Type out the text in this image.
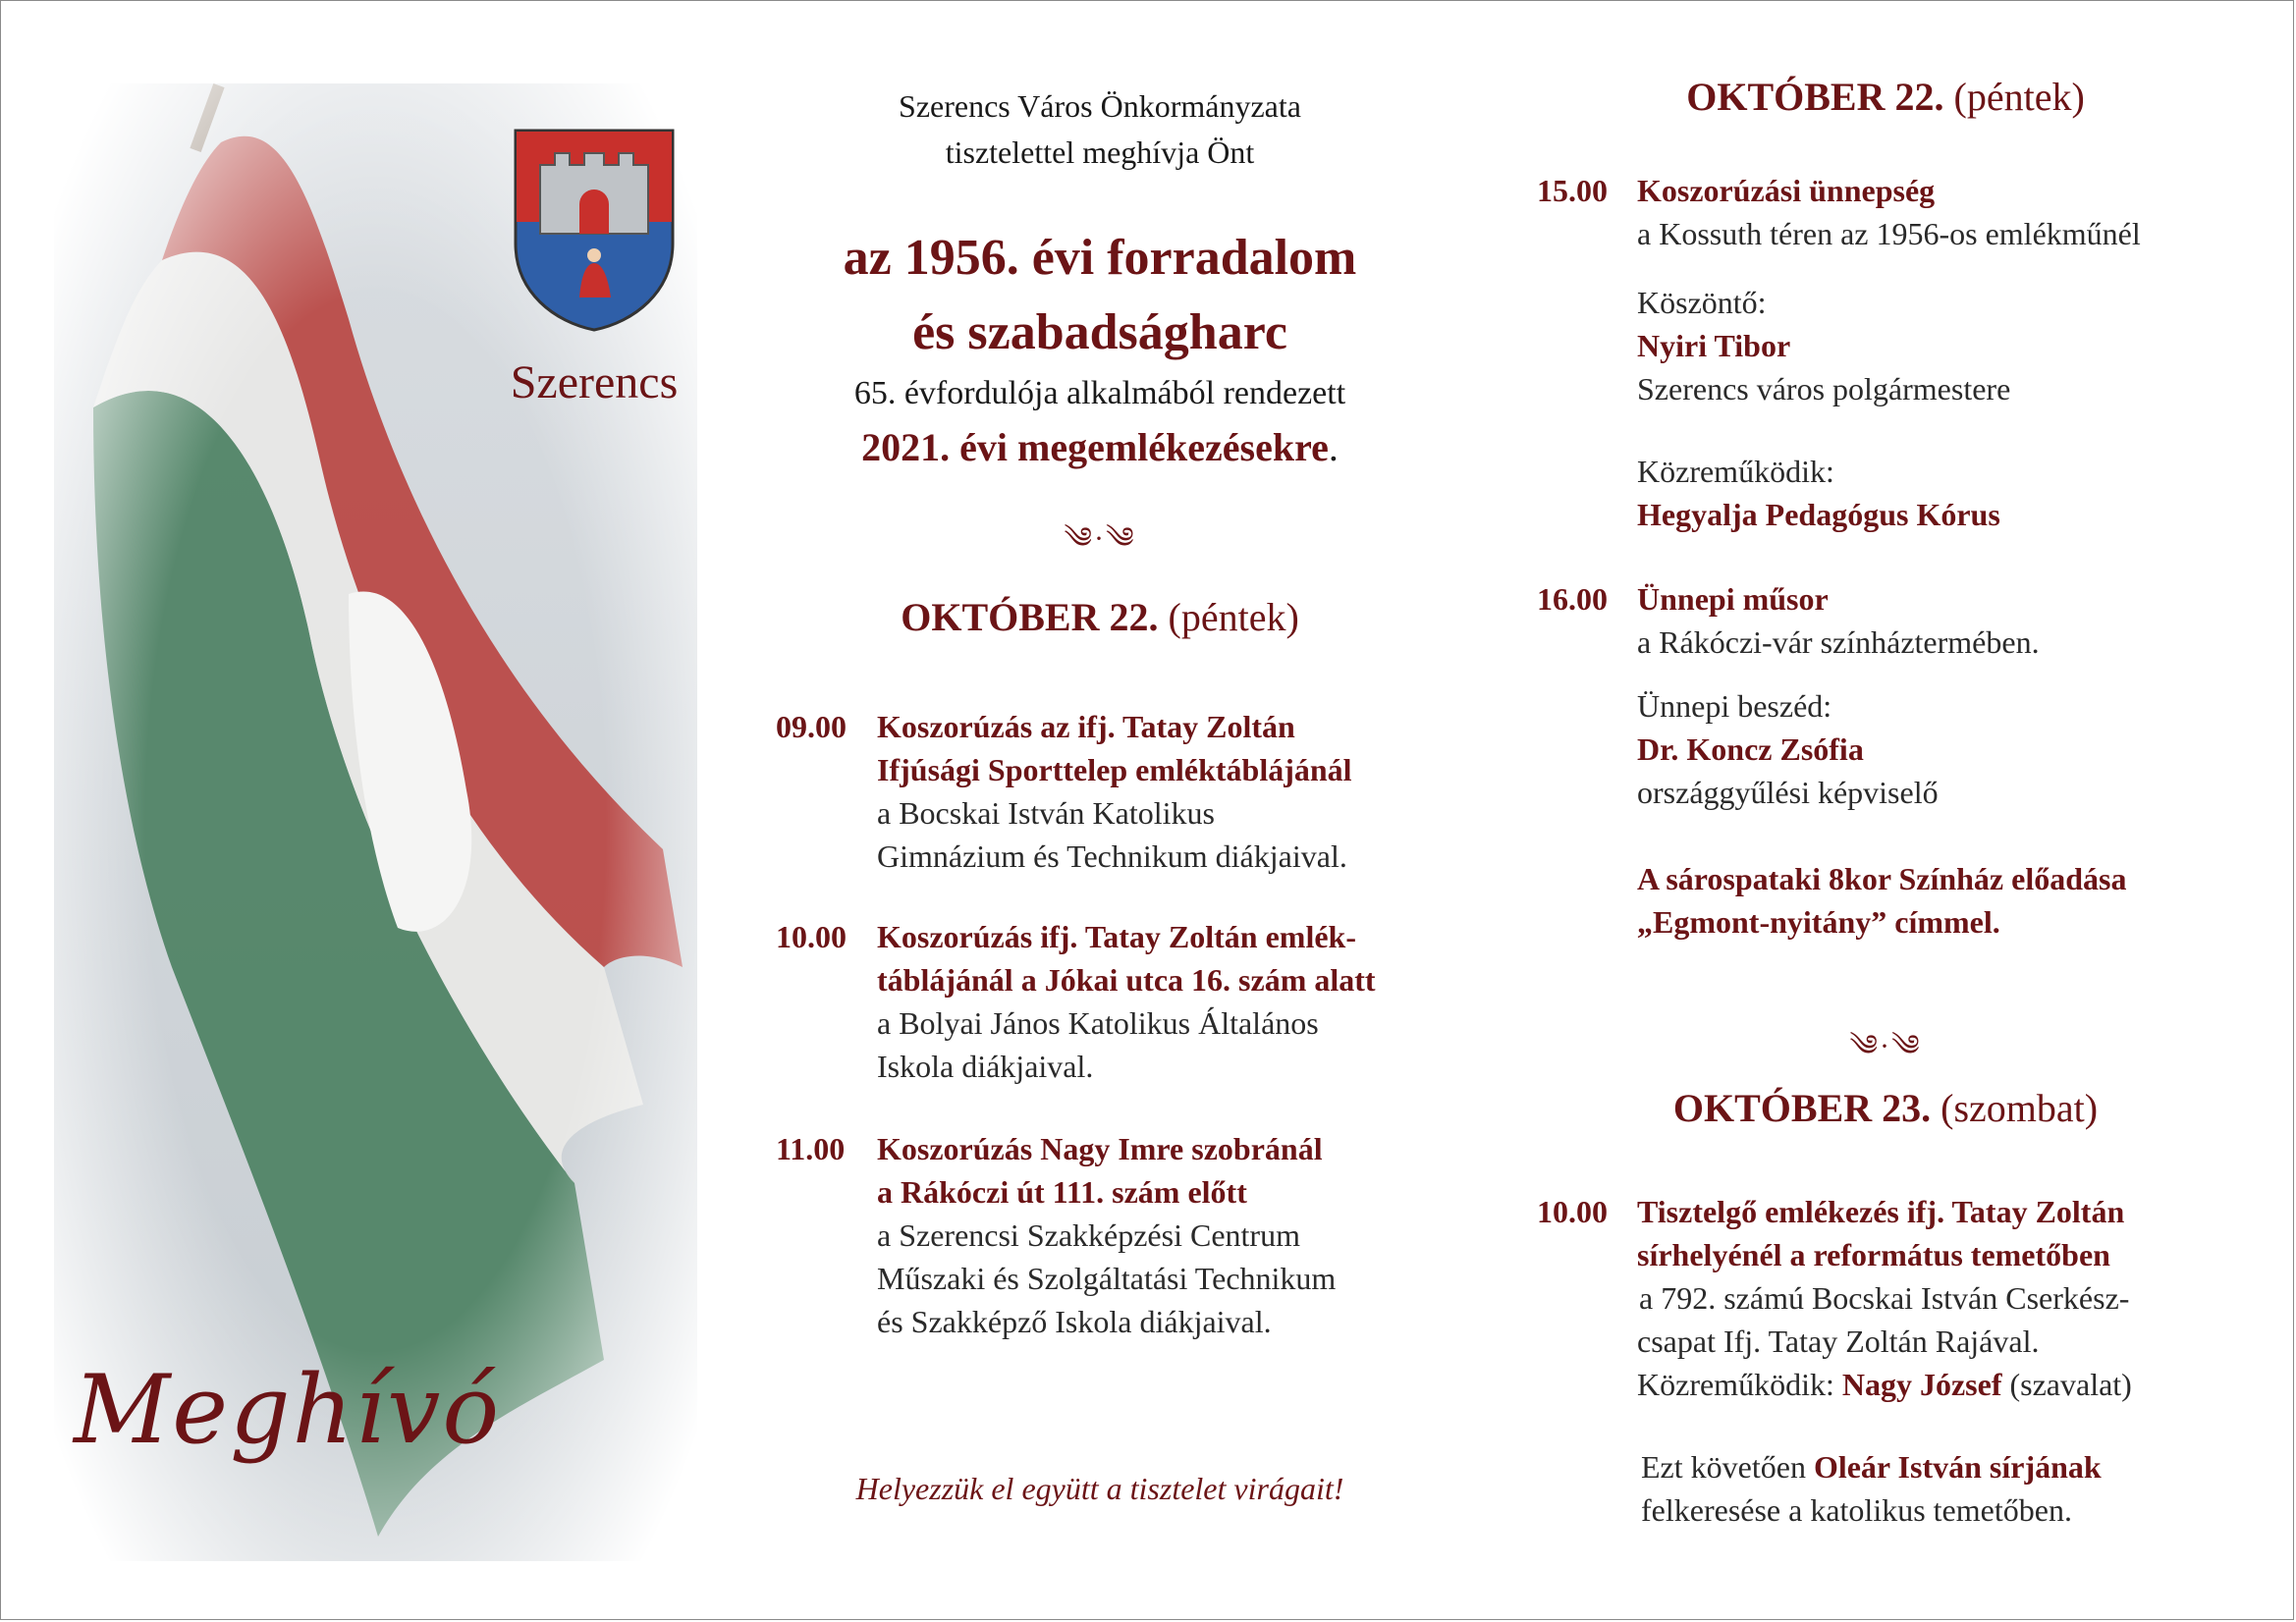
Szerencs
Meghívó
Szerencs Város Önkormányzata
tisztelettel meghívja Önt
az 1956. évi forradalom
és szabadságharc
65. évfordulója alkalmából rendezett
2021. évi megemlékezésekre.
༄·༄
OKTÓBER 22. (péntek)
09.00 Koszorúzás az ifj. Tatay Zoltán
Ifjúsági Sporttelep emléktáblájánál
a Bocskai István Katolikus
Gimnázium és Technikum diákjaival.
10.00 Koszorúzás ifj. Tatay Zoltán emlék-
táblájánál a Jókai utca 16. szám alatt
a Bolyai János Katolikus Általános
Iskola diákjaival.
11.00 Koszorúzás Nagy Imre szobránál
a Rákóczi út 111. szám előtt
a Szerencsi Szakképzési Centrum
Műszaki és Szolgáltatási Technikum
és Szakképző Iskola diákjaival.
Helyezzük el együtt a tisztelet virágait!
OKTÓBER 22. (péntek)
15.00 Koszorúzási ünnepség
a Kossuth téren az 1956-os emlékműnél
Köszöntő:
Nyiri Tibor
Szerencs város polgármestere
Közreműködik:
Hegyalja Pedagógus Kórus
16.00 Ünnepi műsor
a Rákóczi-vár színháztermében.
Ünnepi beszéd:
Dr. Koncz Zsófia
országgyűlési képviselő
A sárospataki 8kor Színház előadása
„Egmont-nyitány” címmel.
༄·༄
OKTÓBER 23. (szombat)
10.00 Tisztelgő emlékezés ifj. Tatay Zoltán
sírhelyénél a református temetőben
a 792. számú Bocskai István Cserkész-
csapat Ifj. Tatay Zoltán Rajával.
Közreműködik: Nagy József (szavalat)
Ezt követően Oleár István sírjának
felkeresése a katolikus temetőben.
